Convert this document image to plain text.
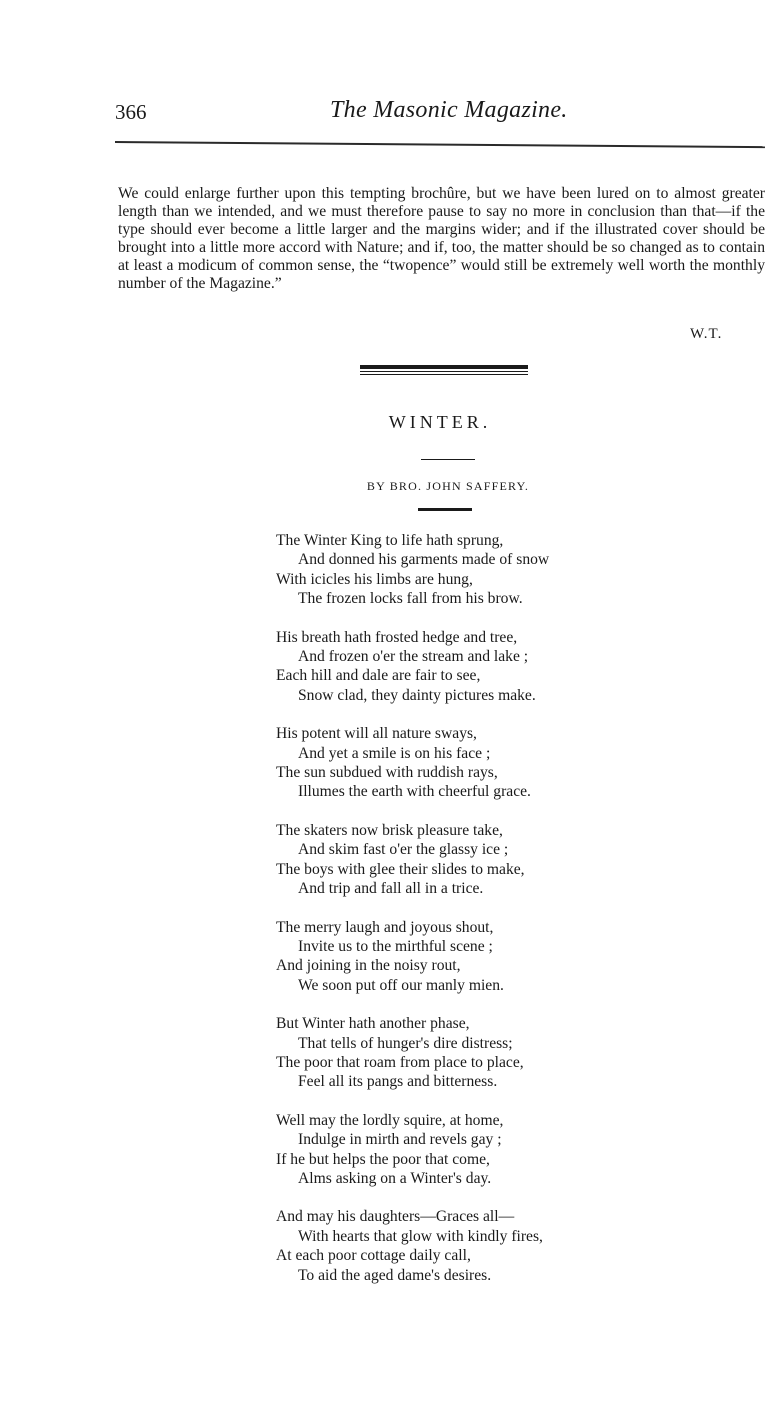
366	The Masonic Magazine.
We could enlarge further upon this tempting brochûre, but we have been lured on to almost greater length than we intended, and we must therefore pause to say no more in conclusion than that—if the type should ever become a little larger and the margins wider; and if the illustrated cover should be brought into a little more accord with Nature; and if, too, the matter should be so changed as to contain at least a modicum of common sense, the “twopence” would still be extremely well worth the monthly number of the Magazine.”
W.T.
WINTER.
BY BRO. JOHN SAFFERY.
The Winter King to life hath sprung,
And donned his garments made of snow
With icicles his limbs are hung,
The frozen locks fall from his brow.
His breath hath frosted hedge and tree,
And frozen o'er the stream and lake ;
Each hill and dale are fair to see,
Snow clad, they dainty pictures make.
His potent will all nature sways,
And yet a smile is on his face ;
The sun subdued with ruddish rays,
Illumes the earth with cheerful grace.
The skaters now brisk pleasure take,
And skim fast o'er the glassy ice ;
The boys with glee their slides to make,
And trip and fall all in a trice.
The merry laugh and joyous shout,
Invite us to the mirthful scene ;
And joining in the noisy rout,
We soon put off our manly mien.
But Winter hath another phase,
That tells of hunger's dire distress;
The poor that roam from place to place,
Feel all its pangs and bitterness.
Well may the lordly squire, at home,
Indulge in mirth and revels gay ;
If he but helps the poor that come,
Alms asking on a Winter's day.
And may his daughters—Graces all—
With hearts that glow with kindly fires,
At each poor cottage daily call,
To aid the aged dame's desires.
